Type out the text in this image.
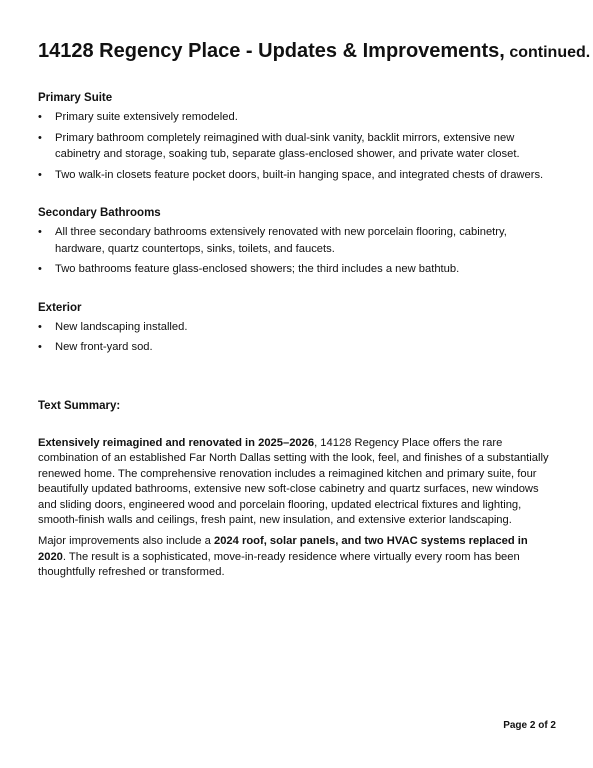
14128 Regency Place - Updates & Improvements, continued.
Primary Suite
• Primary suite extensively remodeled.
• Primary bathroom completely reimagined with dual-sink vanity, backlit mirrors, extensive new cabinetry and storage, soaking tub, separate glass-enclosed shower, and private water closet.
• Two walk-in closets feature pocket doors, built-in hanging space, and integrated chests of drawers.
Secondary Bathrooms
• All three secondary bathrooms extensively renovated with new porcelain flooring, cabinetry, hardware, quartz countertops, sinks, toilets, and faucets.
• Two bathrooms feature glass-enclosed showers; the third includes a new bathtub.
Exterior
• New landscaping installed.
• New front-yard sod.
Text Summary:

Extensively reimagined and renovated in 2025–2026, 14128 Regency Place offers the rare combination of an established Far North Dallas setting with the look, feel, and finishes of a substantially renewed home. The comprehensive renovation includes a reimagined kitchen and primary suite, four beautifully updated bathrooms, extensive new soft-close cabinetry and quartz surfaces, new windows and sliding doors, engineered wood and porcelain flooring, updated electrical fixtures and lighting, smooth-finish walls and ceilings, fresh paint, new insulation, and extensive exterior landscaping.

Major improvements also include a 2024 roof, solar panels, and two HVAC systems replaced in 2020. The result is a sophisticated, move-in-ready residence where virtually every room has been thoughtfully refreshed or transformed.

Page 2 of 2
